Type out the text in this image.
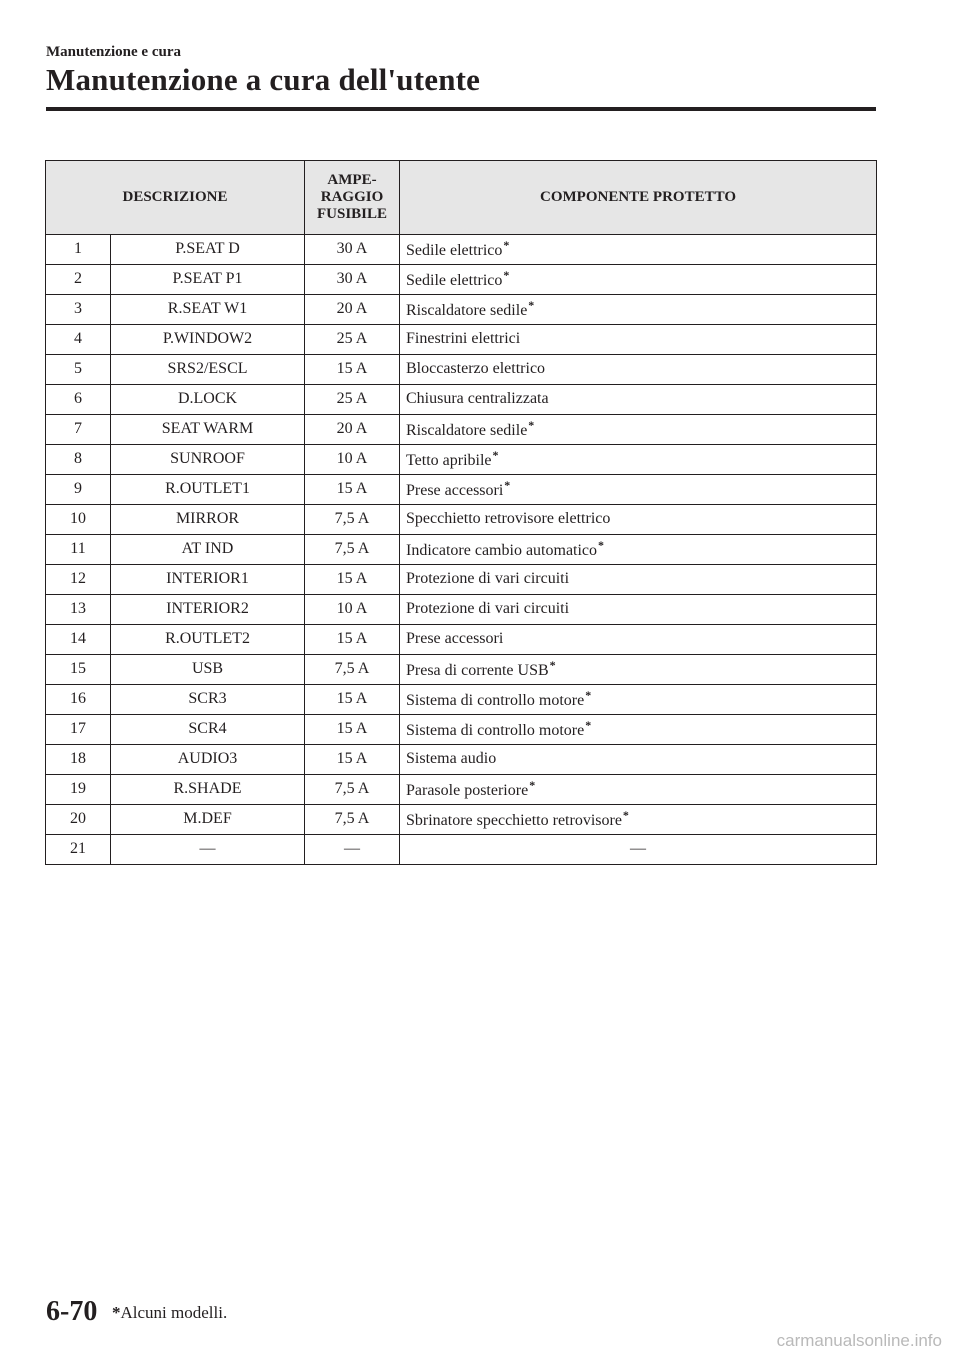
Manutenzione e cura
Manutenzione a cura dell'utente
DESCRIZIONE		AMPE-
RAGGIO
FUSIBILE	COMPONENTE PROTETTO
1	P.SEAT D	30 A	Sedile elettrico*
2	P.SEAT P1	30 A	Sedile elettrico*
3	R.SEAT W1	20 A	Riscaldatore sedile*
4	P.WINDOW2	25 A	Finestrini elettrici
5	SRS2/ESCL	15 A	Bloccasterzo elettrico
6	D.LOCK	25 A	Chiusura centralizzata
7	SEAT WARM	20 A	Riscaldatore sedile*
8	SUNROOF	10 A	Tetto apribile*
9	R.OUTLET1	15 A	Prese accessori*
10	MIRROR	7,5 A	Specchietto retrovisore elettrico
11	AT IND	7,5 A	Indicatore cambio automatico*
12	INTERIOR1	15 A	Protezione di vari circuiti
13	INTERIOR2	10 A	Protezione di vari circuiti
14	R.OUTLET2	15 A	Prese accessori
15	USB	7,5 A	Presa di corrente USB*
16	SCR3	15 A	Sistema di controllo motore*
17	SCR4	15 A	Sistema di controllo motore*
18	AUDIO3	15 A	Sistema audio
19	R.SHADE	7,5 A	Parasole posteriore*
20	M.DEF	7,5 A	Sbrinatore specchietto retrovisore*
21	—	—	—
6-70 *Alcuni modelli.
carmanualsonline.info
